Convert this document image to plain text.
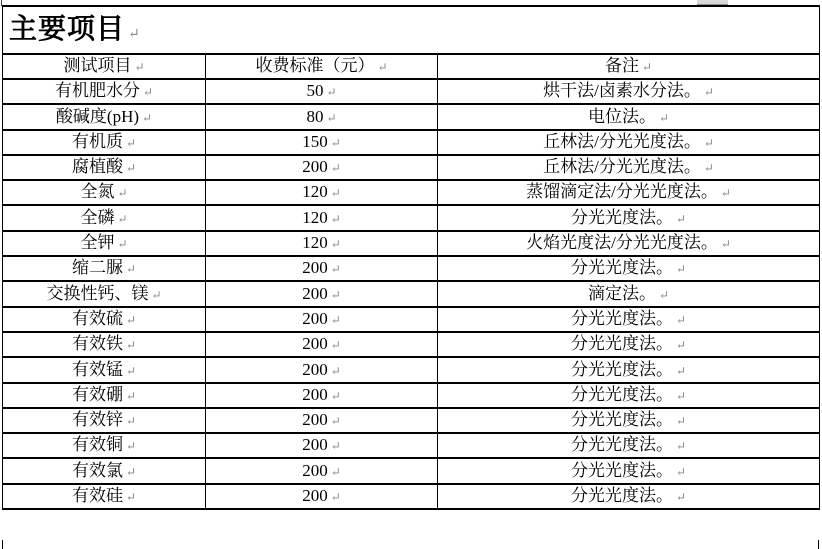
主要项目 ↵		
测试项目 ↵	收费标准（元） ↵	备注 ↵
有机肥水分 ↵	50 ↵	烘干法/卤素水分法。 ↵
酸碱度(pH) ↵	80 ↵	电位法。 ↵
有机质 ↵	150 ↵	丘林法/分光光度法。 ↵
腐植酸 ↵	200 ↵	丘林法/分光光度法。 ↵
全氮 ↵	120 ↵	蒸馏滴定法/分光光度法。 ↵
全磷 ↵	120 ↵	分光光度法。 ↵
全钾 ↵	120 ↵	火焰光度法/分光光度法。 ↵
缩二脲 ↵	200 ↵	分光光度法。 ↵
交换性钙、镁 ↵	200 ↵	滴定法。 ↵
有效硫 ↵	200 ↵	分光光度法。 ↵
有效铁 ↵	200 ↵	分光光度法。 ↵
有效锰 ↵	200 ↵	分光光度法。 ↵
有效硼 ↵	200 ↵	分光光度法。 ↵
有效锌 ↵	200 ↵	分光光度法。 ↵
有效铜 ↵	200 ↵	分光光度法。 ↵
有效氯 ↵	200 ↵	分光光度法。 ↵
有效硅 ↵	200 ↵	分光光度法。 ↵
